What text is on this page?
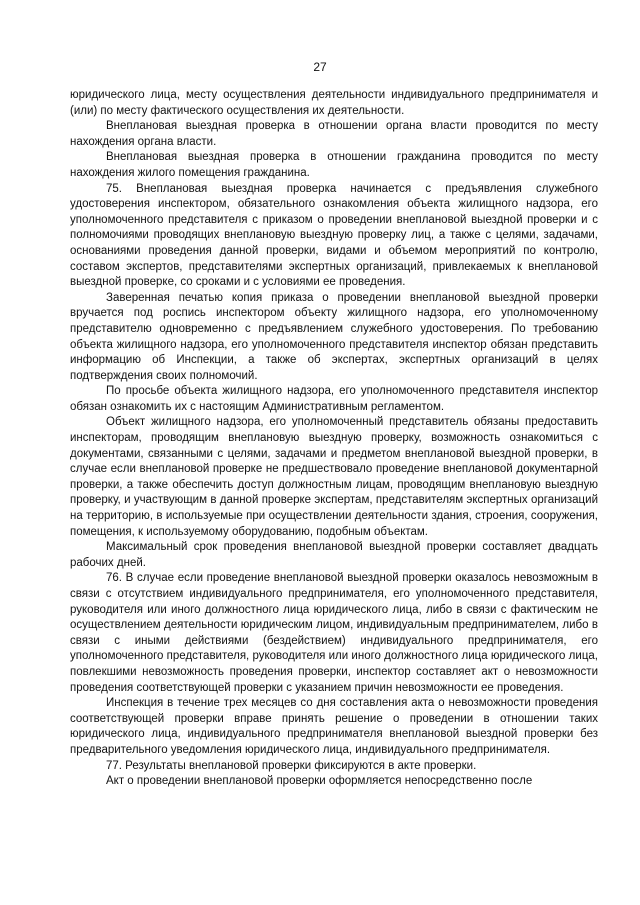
27

юридического лица, месту осуществления деятельности индивидуального предпринимателя и (или) по месту фактического осуществления их деятельности.

Внеплановая выездная проверка в отношении органа власти проводится по месту нахождения органа власти.

Внеплановая выездная проверка в отношении гражданина проводится по месту нахождения жилого помещения гражданина.

75. Внеплановая выездная проверка начинается с предъявления служебного удостоверения инспектором, обязательного ознакомления объекта жилищного надзора, его уполномоченного представителя с приказом о проведении внеплановой выездной проверки и с полномочиями проводящих внеплановую выездную проверку лиц, а также с целями, задачами, основаниями проведения данной проверки, видами и объемом мероприятий по контролю, составом экспертов, представителями экспертных организаций, привлекаемых к внеплановой выездной проверке, со сроками и с условиями ее проведения.

Заверенная печатью копия приказа о проведении внеплановой выездной проверки вручается под роспись инспектором объекту жилищного надзора, его уполномоченному представителю одновременно с предъявлением служебного удостоверения. По требованию объекта жилищного надзора, его уполномоченного представителя инспектор обязан представить информацию об Инспекции, а также об экспертах, экспертных организаций в целях подтверждения своих полномочий.

По просьбе объекта жилищного надзора, его уполномоченного представителя инспектор обязан ознакомить их с настоящим Административным регламентом.

Объект жилищного надзора, его уполномоченный представитель обязаны предоставить инспекторам, проводящим внеплановую выездную проверку, возможность ознакомиться с документами, связанными с целями, задачами и предметом внеплановой выездной проверки, в случае если внеплановой проверке не предшествовало проведение внеплановой документарной проверки, а также обеспечить доступ должностным лицам, проводящим внеплановую выездную проверку, и участвующим в данной проверке экспертам, представителям экспертных организаций на территорию, в используемые при осуществлении деятельности здания, строения, сооружения, помещения, к используемому оборудованию, подобным объектам.

Максимальный срок проведения внеплановой выездной проверки составляет двадцать рабочих дней.

76. В случае если проведение внеплановой выездной проверки оказалось невозможным в связи с отсутствием индивидуального предпринимателя, его уполномоченного представителя, руководителя или иного должностного лица юридического лица, либо в связи с фактическим не осуществлением деятельности юридическим лицом, индивидуальным предпринимателем, либо в связи с иными действиями (бездействием) индивидуального предпринимателя, его уполномоченного представителя, руководителя или иного должностного лица юридического лица, повлекшими невозможность проведения проверки, инспектор составляет акт о невозможности проведения соответствующей проверки с указанием причин невозможности ее проведения.

Инспекция в течение трех месяцев со дня составления акта о невозможности проведения соответствующей проверки вправе принять решение о проведении в отношении таких юридического лица, индивидуального предпринимателя внеплановой выездной проверки без предварительного уведомления юридического лица, индивидуального предпринимателя.

77. Результаты внеплановой проверки фиксируются в акте проверки.

Акт о проведении внеплановой проверки оформляется непосредственно после
